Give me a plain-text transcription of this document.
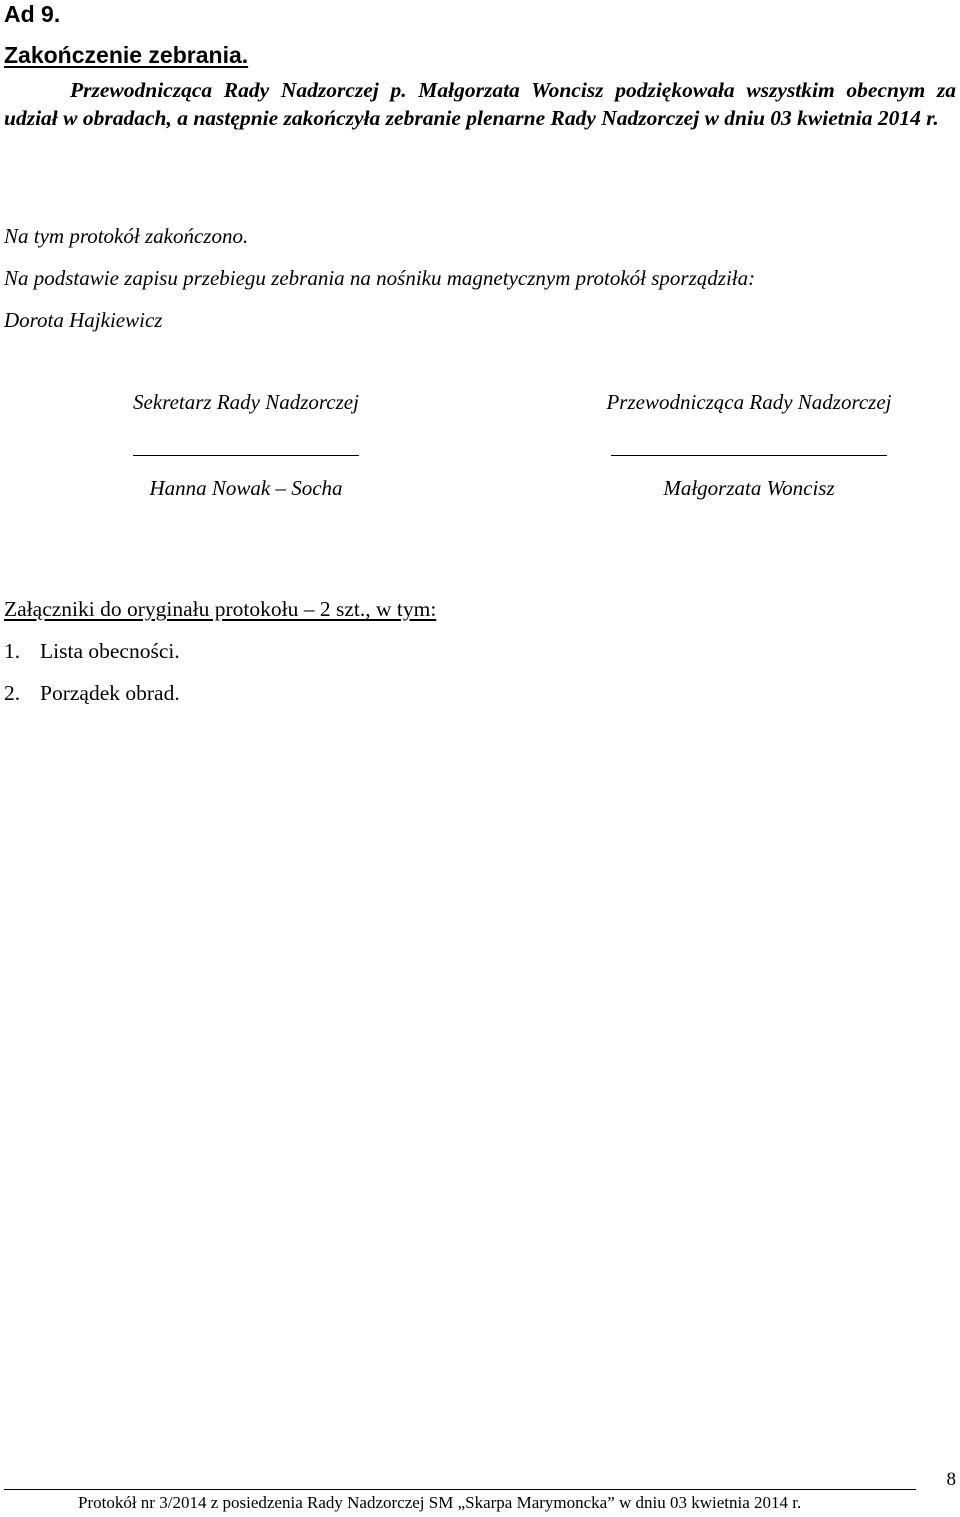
Ad 9.

Zakończenie zebrania.

Przewodnicząca Rady Nadzorczej p. Małgorzata Woncisz podziękowała wszystkim obecnym za udział w obradach, a następnie zakończyła zebranie plenarne Rady Nadzorczej w dniu 03 kwietnia 2014 r.

Na tym protokół zakończono.

Na podstawie zapisu przebiegu zebrania na nośniku magnetycznym protokół sporządziła:

Dorota Hajkiewicz

Sekretarz Rady Nadzorczej
Hanna Nowak – Socha
Przewodnicząca Rady Nadzorczej
Małgorzata Woncisz

Załączniki do oryginału protokołu – 2 szt., w tym:

1. Lista obecności.

2. Porządek obrad.

8

Protokół nr 3/2014 z posiedzenia Rady Nadzorczej SM „Skarpa Marymoncka” w dniu 03 kwietnia 2014 r.
